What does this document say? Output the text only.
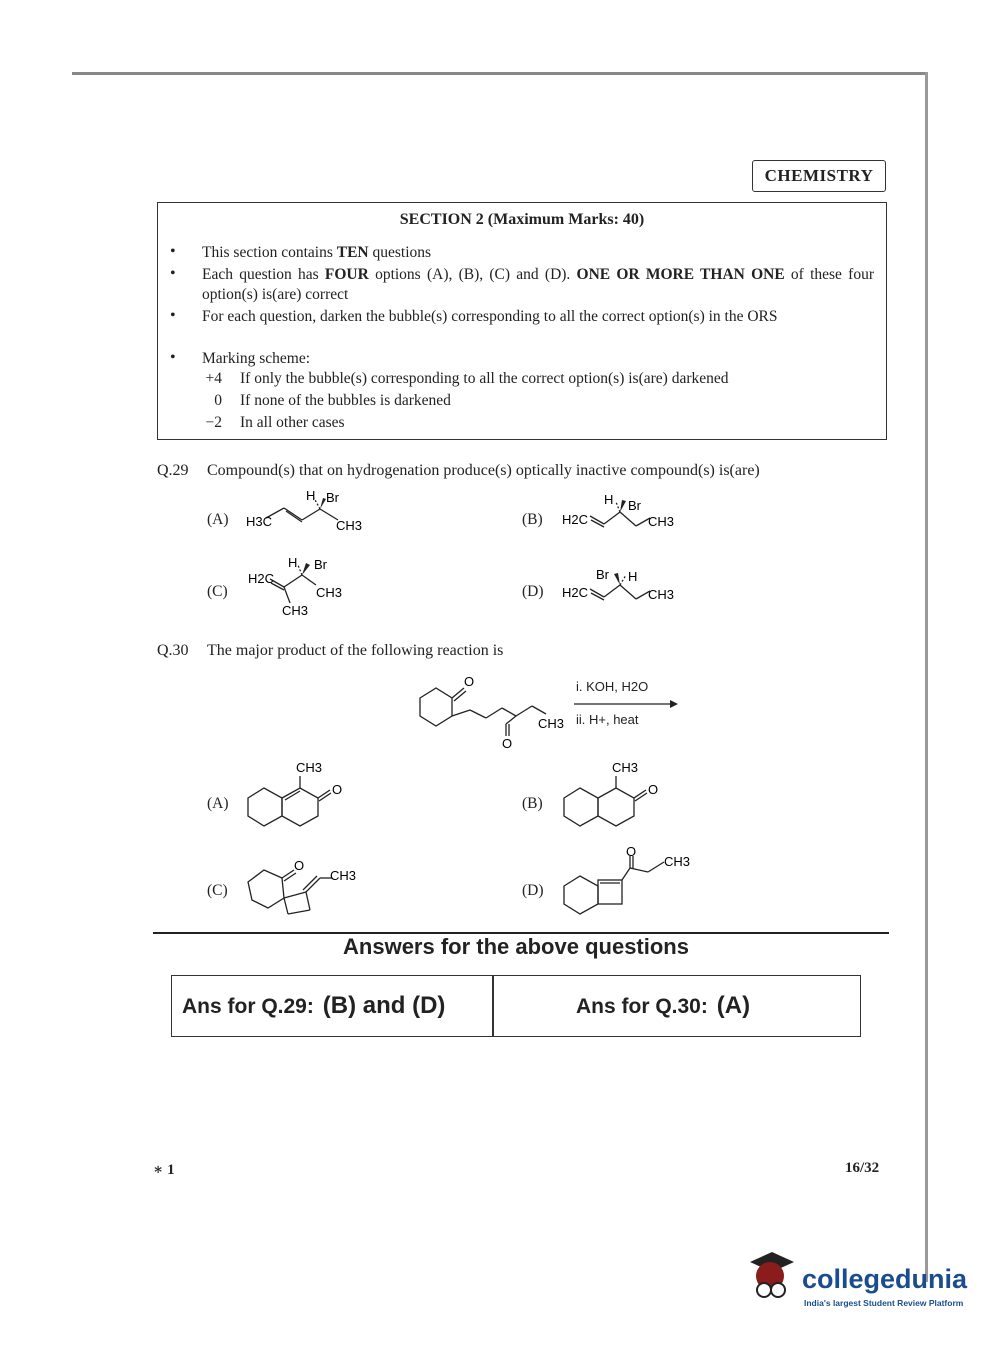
CHEMISTRY
SECTION 2 (Maximum Marks: 40)
• This section contains TEN questions
• Each question has FOUR options (A), (B), (C) and (D). ONE OR MORE THAN ONE of these four option(s) is(are) correct
• For each question, darken the bubble(s) corresponding to all the correct option(s) in the ORS
• Marking scheme:
+4 If only the bubble(s) corresponding to all the correct option(s) is(are) darkened
0 If none of the bubbles is darkened
−2 In all other cases
Q.29 Compound(s) that on hydrogenation produce(s) optically inactive compound(s) is(are)
(A)	(B)
(C)	(D)
H Br
H3C	CH3
H Br
H2C	CH3
H Br
H2C
CH3
CH3
Br H
H2C	CH3
Q.30 The major product of the following reaction is
O
O
CH3
i. KOH, H2O
ii. H+, heat
(A)	(B)
(C)	(D)
CH3
O
CH3
O
O
CH3
O
CH3
Answers for the above questions
Ans for Q.29: (B) and (D)	Ans for Q.30: (A)
∗ 1	16/32
collegedunia
India's largest Student Review Platform
